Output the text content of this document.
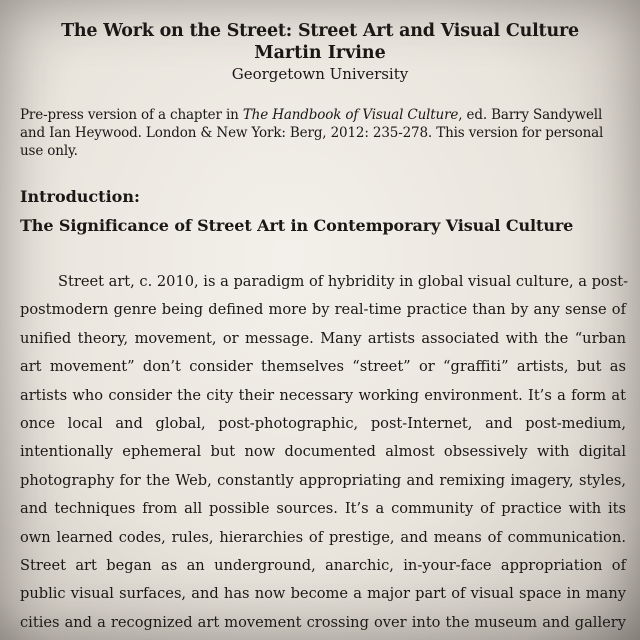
The Work on the Street: Street Art and Visual Culture
Martin Irvine
Georgetown University
Pre-press version of a chapter in The Handbook of Visual Culture, ed. Barry Sandywell
and Ian Heywood. London & New York: Berg, 2012: 235-278. This version for personal
use only.
Introduction:
The Significance of Street Art in Contemporary Visual Culture
Street art, c. 2010, is a paradigm of hybridity in global visual culture, a post-
postmodern genre being defined more by real-time practice than by any sense of
unified theory, movement, or message. Many artists associated with the “urban
art movement” don’t consider themselves “street” or “graffiti” artists, but as
artists who consider the city their necessary working environment. It’s a form at
once local and global, post-photographic, post-Internet, and post-medium,
intentionally ephemeral but now documented almost obsessively with digital
photography for the Web, constantly appropriating and remixing imagery, styles,
and techniques from all possible sources. It’s a community of practice with its
own learned codes, rules, hierarchies of prestige, and means of communication.
Street art began as an underground, anarchic, in-your-face appropriation of
public visual surfaces, and has now become a major part of visual space in many
cities and a recognized art movement crossing over into the museum and gallery
